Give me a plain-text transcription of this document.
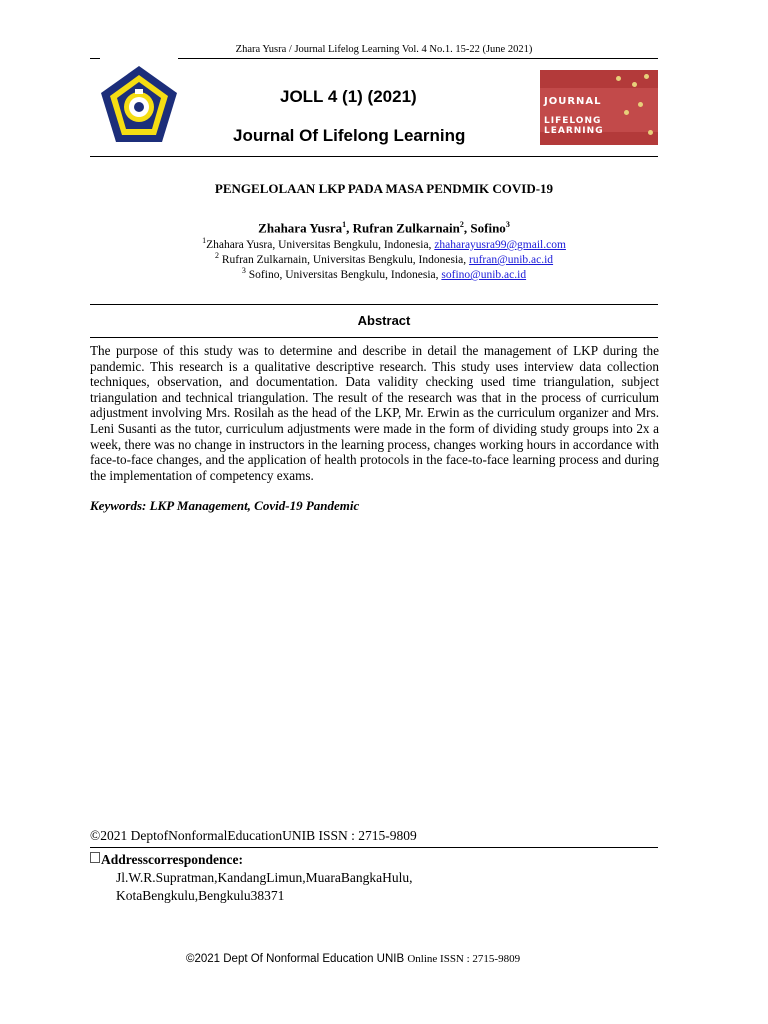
Zhara Yusra / Journal Lifelog Learning Vol. 4 No.1. 15-22 (June 2021)
JOLL 4 (1) (2021)
Journal Of Lifelong Learning
JOURNAL
LIFELONG LEARNING
PENGELOLAAN LKP PADA MASA PENDMIK COVID-19
Zhahara Yusra$^1$, Rufran Zulkarnain$^2$, Sofino$^3$
$^1$Zhahara Yusra, Universitas Bengkulu, Indonesia, zhaharayusra99@gmail.com
$^2$ Rufran Zulkarnain, Universitas Bengkulu, Indonesia, rufran@unib.ac.id
$^3$ Sofino, Universitas Bengkulu, Indonesia, sofino@unib.ac.id
Abstract
The purpose of this study was to determine and describe in detail the management of LKP during the pandemic. This research is a qualitative descriptive research. This study uses interview data collection techniques, observation, and documentation. Data validity checking used time triangulation, subject triangulation and technical triangulation. The result of the research was that in the process of curriculum adjustment involving Mrs. Rosilah as the head of the LKP, Mr. Erwin as the curriculum organizer and Mrs. Leni Susanti as the tutor, curriculum adjustments were made in the form of dividing study groups into 2x a week, there was no change in instructors in the learning process, changes working hours in accordance with face-to-face changes, and the application of health protocols in the face-to-face learning process and during the implementation of competency exams.
Keywords: LKP Management, Covid-19 Pandemic
©2021 DeptofNonformalEducationUNIB ISSN : 2715-9809
Addresscorrespondence:
Jl.W.R.Supratman,KandangLimun,MuaraBangkaHulu,
KotaBengkulu,Bengkulu38371
©2021 Dept Of Nonformal Education UNIB Online ISSN : 2715-9809
